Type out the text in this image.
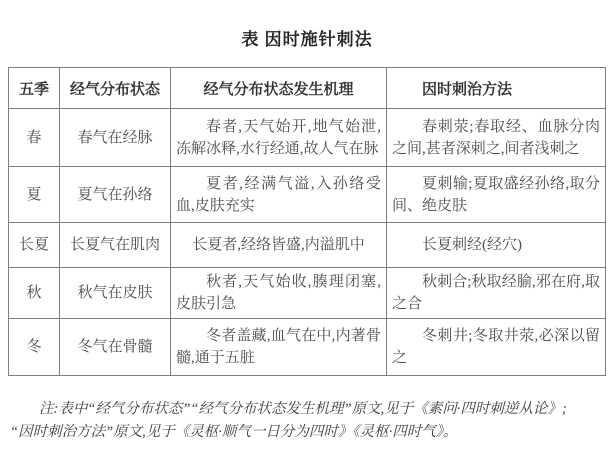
表 因时施针刺法
五季	经气分布状态	经气分布状态发生机理	因时刺治方法
春	春气在经脉	春者,天气始开,地气始泄,冻解冰释,水行经通,故人气在脉	春刺荥;春取经、血脉分肉之间,甚者深刺之,间者浅刺之
夏	夏气在孙络	夏者,经满气溢,入孙络受血,皮肤充实	夏刺输;夏取盛经孙络,取分间、绝皮肤
长夏	长夏气在肌肉	长夏者,经络皆盛,内溢肌中	长夏刺经(经穴)
秋	秋气在皮肤	秋者,天气始收,腠理闭塞,皮肤引急	秋刺合;秋取经腧,邪在府,取之合
冬	冬气在骨髓	冬者盖藏,血气在中,内著骨髓,通于五脏	冬刺井;冬取井荥,必深以留之
注:表中“经气分布状态”“经气分布状态发生机理”原文,见于《素问·四时刺逆从论》;
“因时刺治方法”原文,见于《灵枢·顺气一日分为四时》《灵枢·四时气》。
